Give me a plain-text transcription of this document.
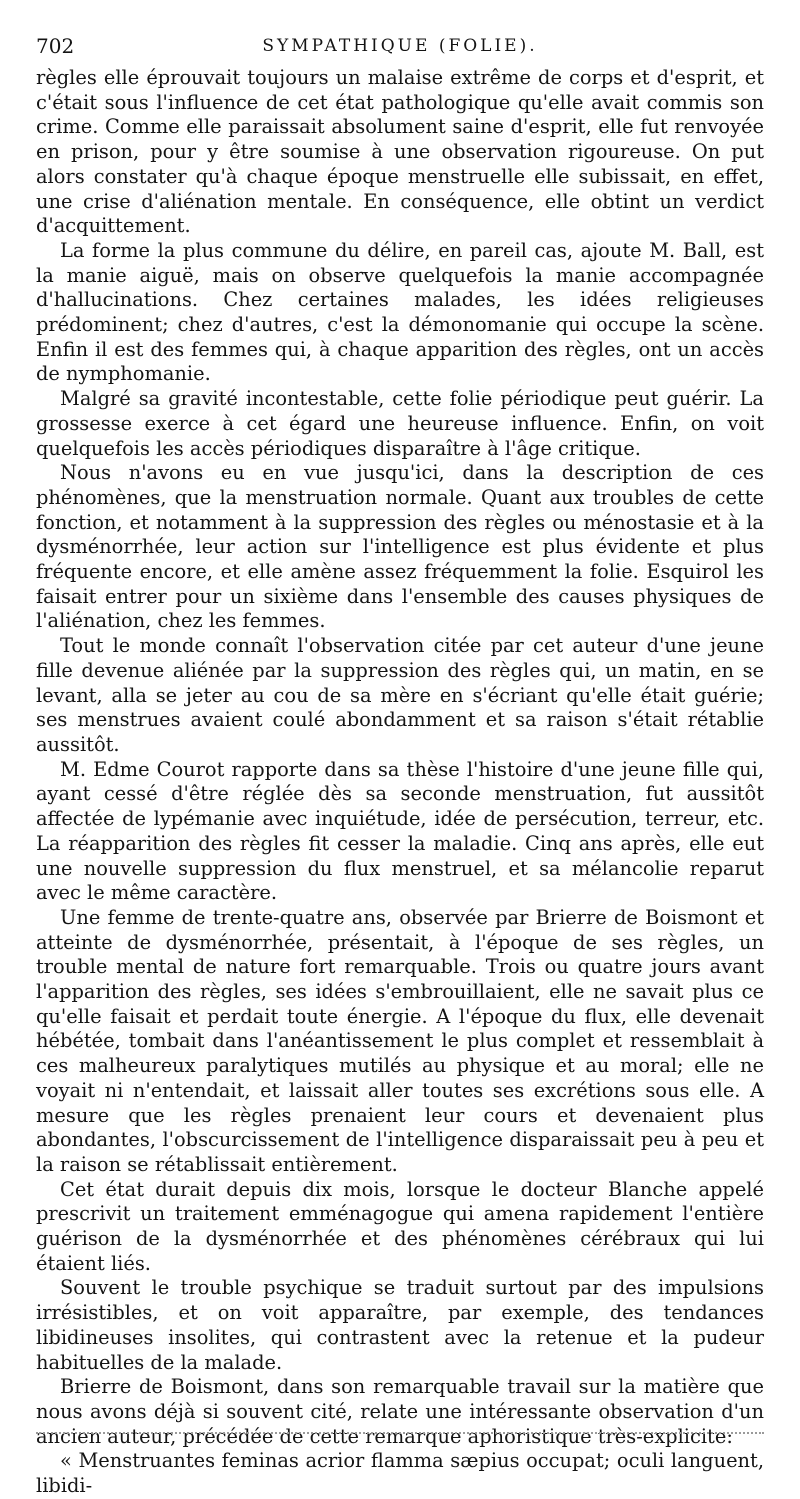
702	SYMPATHIQUE (FOLIE).

règles elle éprouvait toujours un malaise extrême de corps et d'esprit, et c'était sous l'influence de cet état pathologique qu'elle avait commis son crime. Comme elle paraissait absolument saine d'esprit, elle fut renvoyée en prison, pour y être soumise à une observation rigoureuse. On put alors constater qu'à chaque époque menstruelle elle subissait, en effet, une crise d'aliénation mentale. En conséquence, elle obtint un verdict d'acquittement.

La forme la plus commune du délire, en pareil cas, ajoute M. Ball, est la manie aiguë, mais on observe quelquefois la manie accompagnée d'hallucinations. Chez certaines malades, les idées religieuses prédominent; chez d'autres, c'est la démonomanie qui occupe la scène. Enfin il est des femmes qui, à chaque apparition des règles, ont un accès de nymphomanie.

Malgré sa gravité incontestable, cette folie périodique peut guérir. La grossesse exerce à cet égard une heureuse influence. Enfin, on voit quelquefois les accès périodiques disparaître à l'âge critique.

Nous n'avons eu en vue jusqu'ici, dans la description de ces phénomènes, que la menstruation normale. Quant aux troubles de cette fonction, et notamment à la suppression des règles ou ménostasie et à la dysménorrhée, leur action sur l'intelligence est plus évidente et plus fréquente encore, et elle amène assez fréquemment la folie. Esquirol les faisait entrer pour un sixième dans l'ensemble des causes physiques de l'aliénation, chez les femmes.

Tout le monde connaît l'observation citée par cet auteur d'une jeune fille devenue aliénée par la suppression des règles qui, un matin, en se levant, alla se jeter au cou de sa mère en s'écriant qu'elle était guérie; ses menstrues avaient coulé abondamment et sa raison s'était rétablie aussitôt.

M. Edme Courot rapporte dans sa thèse l'histoire d'une jeune fille qui, ayant cessé d'être réglée dès sa seconde menstruation, fut aussitôt affectée de lypémanie avec inquiétude, idée de persécution, terreur, etc. La réapparition des règles fit cesser la maladie. Cinq ans après, elle eut une nouvelle suppression du flux menstruel, et sa mélancolie reparut avec le même caractère.

Une femme de trente-quatre ans, observée par Brierre de Boismont et atteinte de dysménorrhée, présentait, à l'époque de ses règles, un trouble mental de nature fort remarquable. Trois ou quatre jours avant l'apparition des règles, ses idées s'embrouillaient, elle ne savait plus ce qu'elle faisait et perdait toute énergie. A l'époque du flux, elle devenait hébétée, tombait dans l'anéantissement le plus complet et ressemblait à ces malheureux paralytiques mutilés au physique et au moral; elle ne voyait ni n'entendait, et laissait aller toutes ses excrétions sous elle. A mesure que les règles prenaient leur cours et devenaient plus abondantes, l'obscurcissement de l'intelligence disparaissait peu à peu et la raison se rétablissait entièrement.

Cet état durait depuis dix mois, lorsque le docteur Blanche appelé prescrivit un traitement emménagogue qui amena rapidement l'entière guérison de la dysménorrhée et des phénomènes cérébraux qui lui étaient liés.

Souvent le trouble psychique se traduit surtout par des impulsions irrésistibles, et on voit apparaître, par exemple, des tendances libidineuses insolites, qui contrastent avec la retenue et la pudeur habituelles de la malade.

Brierre de Boismont, dans son remarquable travail sur la matière que nous avons déjà si souvent cité, relate une intéressante observation d'un ancien auteur, précédée de cette remarque aphoristique très-explicite:

« Menstruantes feminas acrior flamma sæpius occupat; oculi languent, libidi-
